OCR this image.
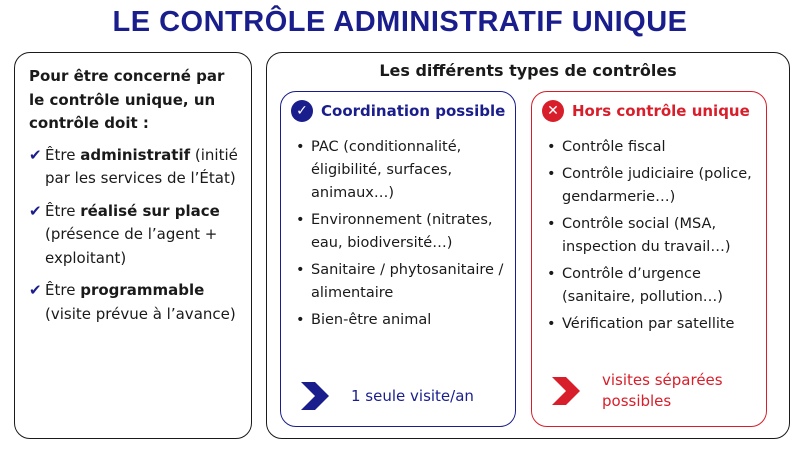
LE CONTRÔLE ADMINISTRATIF UNIQUE
Pour être concerné par le contrôle unique, un contrôle doit :
✔ Être administratif (initié par les services de l’État)
✔ Être réalisé sur place (présence de l’agent + exploitant)
✔ Être programmable (visite prévue à l’avance)
Les différents types de contrôles
✓ Coordination possible
• PAC (conditionnalité, éligibilité, surfaces, animaux…)
• Environnement (nitrates, eau, biodiversité…)
• Sanitaire / phytosanitaire / alimentaire
• Bien-être animal
1 seule visite/an
✕ Hors contrôle unique
• Contrôle fiscal
• Contrôle judiciaire (police, gendarmerie…)
• Contrôle social (MSA, inspection du travail…)
• Contrôle d’urgence (sanitaire, pollution…)
• Vérification par satellite
visites séparées possibles
